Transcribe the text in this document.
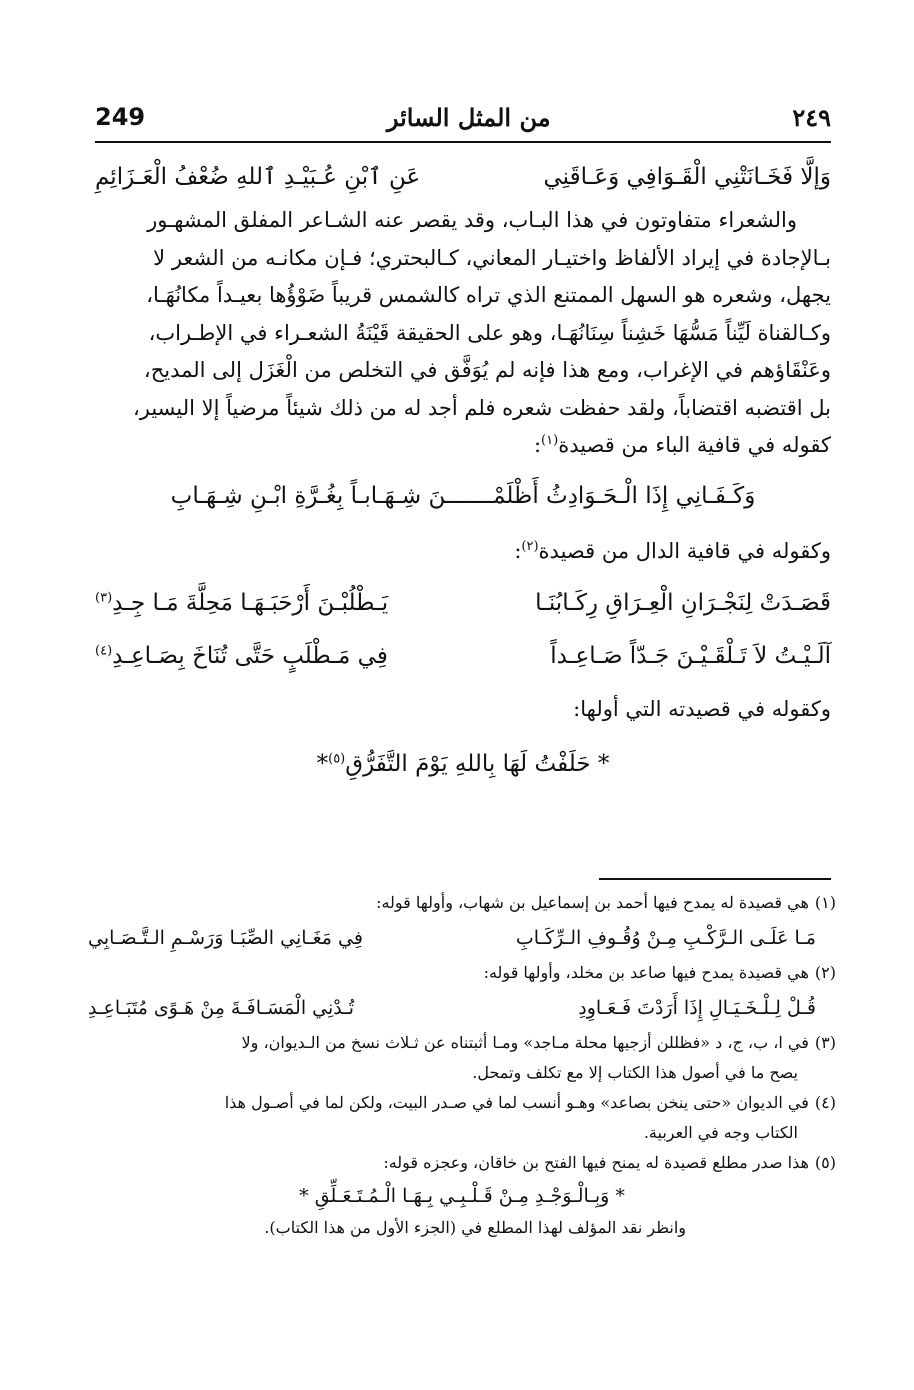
249	من المثل السائر	٢٤٩
وَإلَّا فَخَـانَتْنِي الْقَـوَافِي وَعَـاقَنِي
عَنِ ٱبْنِ عُـبَيْـدِ ٱللهِ ضُعْفُ الْعَـزَائِمِ

والشعراء متفاوتون في هذا البـاب، وقد يقصر عنه الشـاعر المفلق المشهـور

بـالإجادة في إيراد الألفاظ واختيـار المعاني، كـالبحتري؛ فـإن مكانـه من الشعر لا

يجهل، وشعره هو السهل الممتنع الذي تراه كالشمس قريباً ضَوْؤُها بعيـداً مكانُهَـا،

وكـالقناة لَيِّناً مَسُّهَا خَشِناً سِنَانُهَـا، وهو على الحقيقة قَيْنَةُ الشعـراء في الإطـراب،

وعَنْقَاؤهم في الإغراب، ومع هذا فإنه لم يُوَفَّق في التخلص من الْغَزَل إلى المديح،

بل اقتضبه اقتضاباً، ولقد حفظت شعره فلم أجد له من ذلك شيئاً مرضياً إلا اليسير،

كقوله في قافية الباء من قصيدة$^{(١)}$:

وَكَـفَـانِي إِذَا الْـحَـوَادِثُ أَظْلَمْـــــــنَ شِـهَـابـاً بِغُـرَّةِ ابْـنِ شِـهَـابِ
وكقوله في قافية الدال من قصيدة$^{(٢)}$:
قَصَـدَتْ لِنَجْـرَانِ الْعِـرَاقِ رِكَـابُنَـا
يَـطْلُبْـنَ أَرْحَبَـهَـا مَحِلَّةَ مَـا جِـدِ$^{(٣)}$
آلَـيْـتُ لاَ تَـلْقَـيْـنَ جَـدّاً صَـاعِـداً
فِي مَـطْلَبٍ حَتَّى تُنَاخَ بِصَـاعِـدِ$^{(٤)}$
وكقوله في قصيدته التي أولها:
* حَلَفْتُ لَهَا بِاللهِ يَوْمَ التَّفَرُّقِ$^{(٥)}$*

(١)هي قصيدة له يمدح فيها أحمد بن إسماعيل بن شهاب، وأولها قوله:

مَـا عَلَـى الـرَّكْـبِ مِـنْ وُقُـوفِ الـرِّكَـابِ
فِي مَغَـانِي الصِّبَـا وَرَسْـمِ الـتَّـصَـابِي

(٢)هي قصيدة يمدح فيها صاعد بن مخلد، وأولها قوله:

قُـلْ لِـلْـخَـيَـالِ إِذَا أَرَدْتَ فَـعَـاوِدِ
تُـدْنِي الْمَسَـافَـةَ مِنْ هَـوًى مُتَبَـاعِـدِ

(٣)في ا، ب، ج، د «فظللن أزجيها محلة مـاجد» ومـا أثبتناه عن ثـلاث نسخ من الـديوان، ولا

يصح ما في أصول هذا الكتاب إلا مع تكلف وتمحل.

(٤)في الديوان «حتى ينخن بصاعد» وهـو أنسب لما في صـدر البيت، ولكن لما في أصـول هذا

الكتاب وجه في العربية.

(٥)هذا صدر مطلع قصيدة له يمنح فيها الفتح بن خاقان، وعجزه قوله:

* وَبِـالْـوَجْـدِ مِـنْ قَـلْـبِـي بِـهَـا الْـمُـتَـعَـلِّقِ *
وانظر نقد المؤلف لهذا المطلع في (الجزء الأول من هذا الكتاب).
